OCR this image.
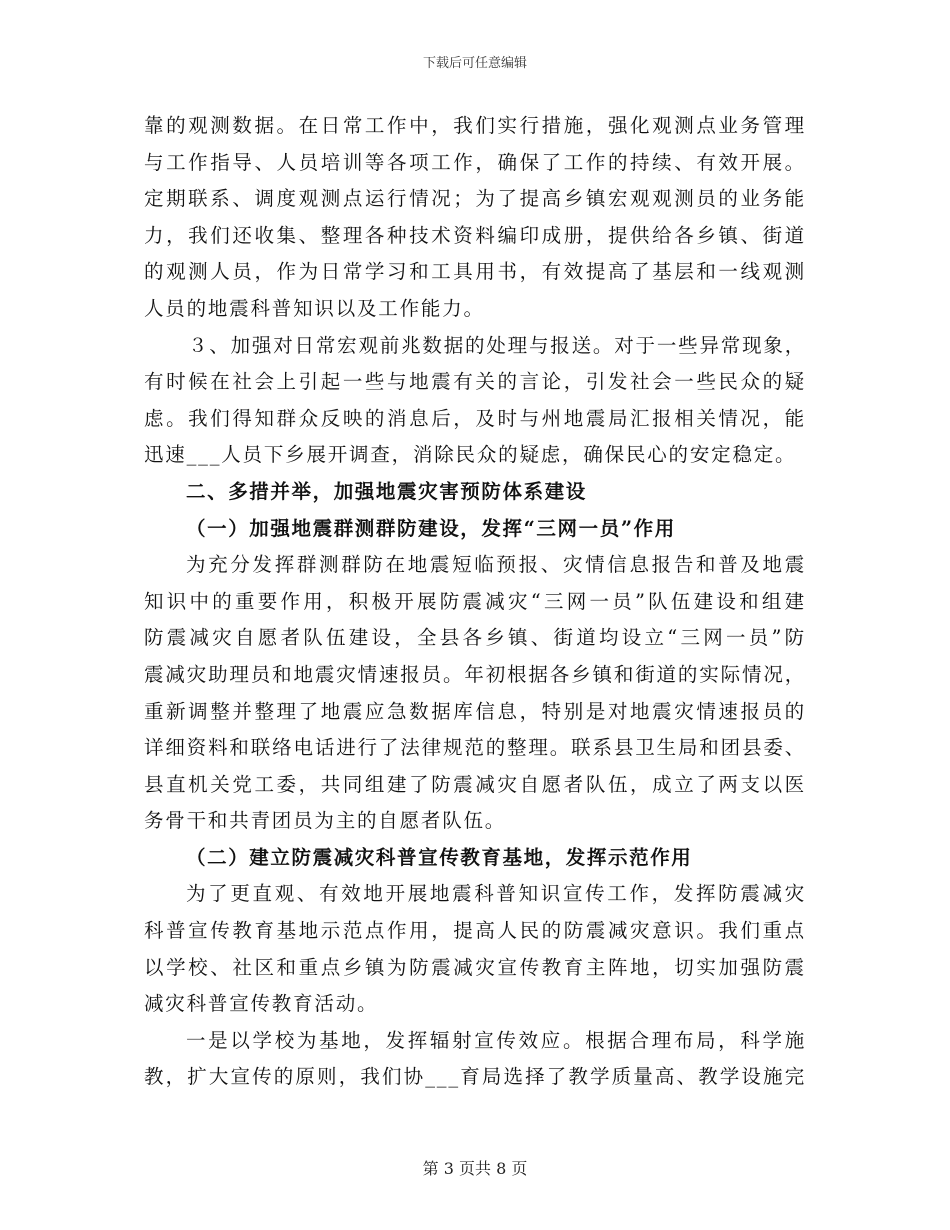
下载后可任意编辑

靠的观测数据。在日常工作中，我们实行措施，强化观测点业务管理

与工作指导、人员培训等各项工作，确保了工作的持续、有效开展。

定期联系、调度观测点运行情况；为了提高乡镇宏观观测员的业务能

力，我们还收集、整理各种技术资料编印成册，提供给各乡镇、街道

的观测人员，作为日常学习和工具用书，有效提高了基层和一线观测

人员的地震科普知识以及工作能力。

３、加强对日常宏观前兆数据的处理与报送。对于一些异常现象，

有时候在社会上引起一些与地震有关的言论，引发社会一些民众的疑

虑。我们得知群众反映的消息后，及时与州地震局汇报相关情况，能

迅速___人员下乡展开调查，消除民众的疑虑，确保民心的安定稳定。

二、多措并举，加强地震灾害预防体系建设

（一）加强地震群测群防建设，发挥“三网一员”作用

为充分发挥群测群防在地震短临预报、灾情信息报告和普及地震

知识中的重要作用，积极开展防震减灾“三网一员”队伍建设和组建

防震减灾自愿者队伍建设，全县各乡镇、街道均设立“三网一员”防

震减灾助理员和地震灾情速报员。年初根据各乡镇和街道的实际情况，

重新调整并整理了地震应急数据库信息，特别是对地震灾情速报员的

详细资料和联络电话进行了法律规范的整理。联系县卫生局和团县委、

县直机关党工委，共同组建了防震减灾自愿者队伍，成立了两支以医

务骨干和共青团员为主的自愿者队伍。

（二）建立防震减灾科普宣传教育基地，发挥示范作用

为了更直观、有效地开展地震科普知识宣传工作，发挥防震减灾

科普宣传教育基地示范点作用，提高人民的防震减灾意识。我们重点

以学校、社区和重点乡镇为防震减灾宣传教育主阵地，切实加强防震

减灾科普宣传教育活动。

一是以学校为基地，发挥辐射宣传效应。根据合理布局，科学施

教，扩大宣传的原则，我们协___育局选择了教学质量高、教学设施完

第 3 页共 8 页
